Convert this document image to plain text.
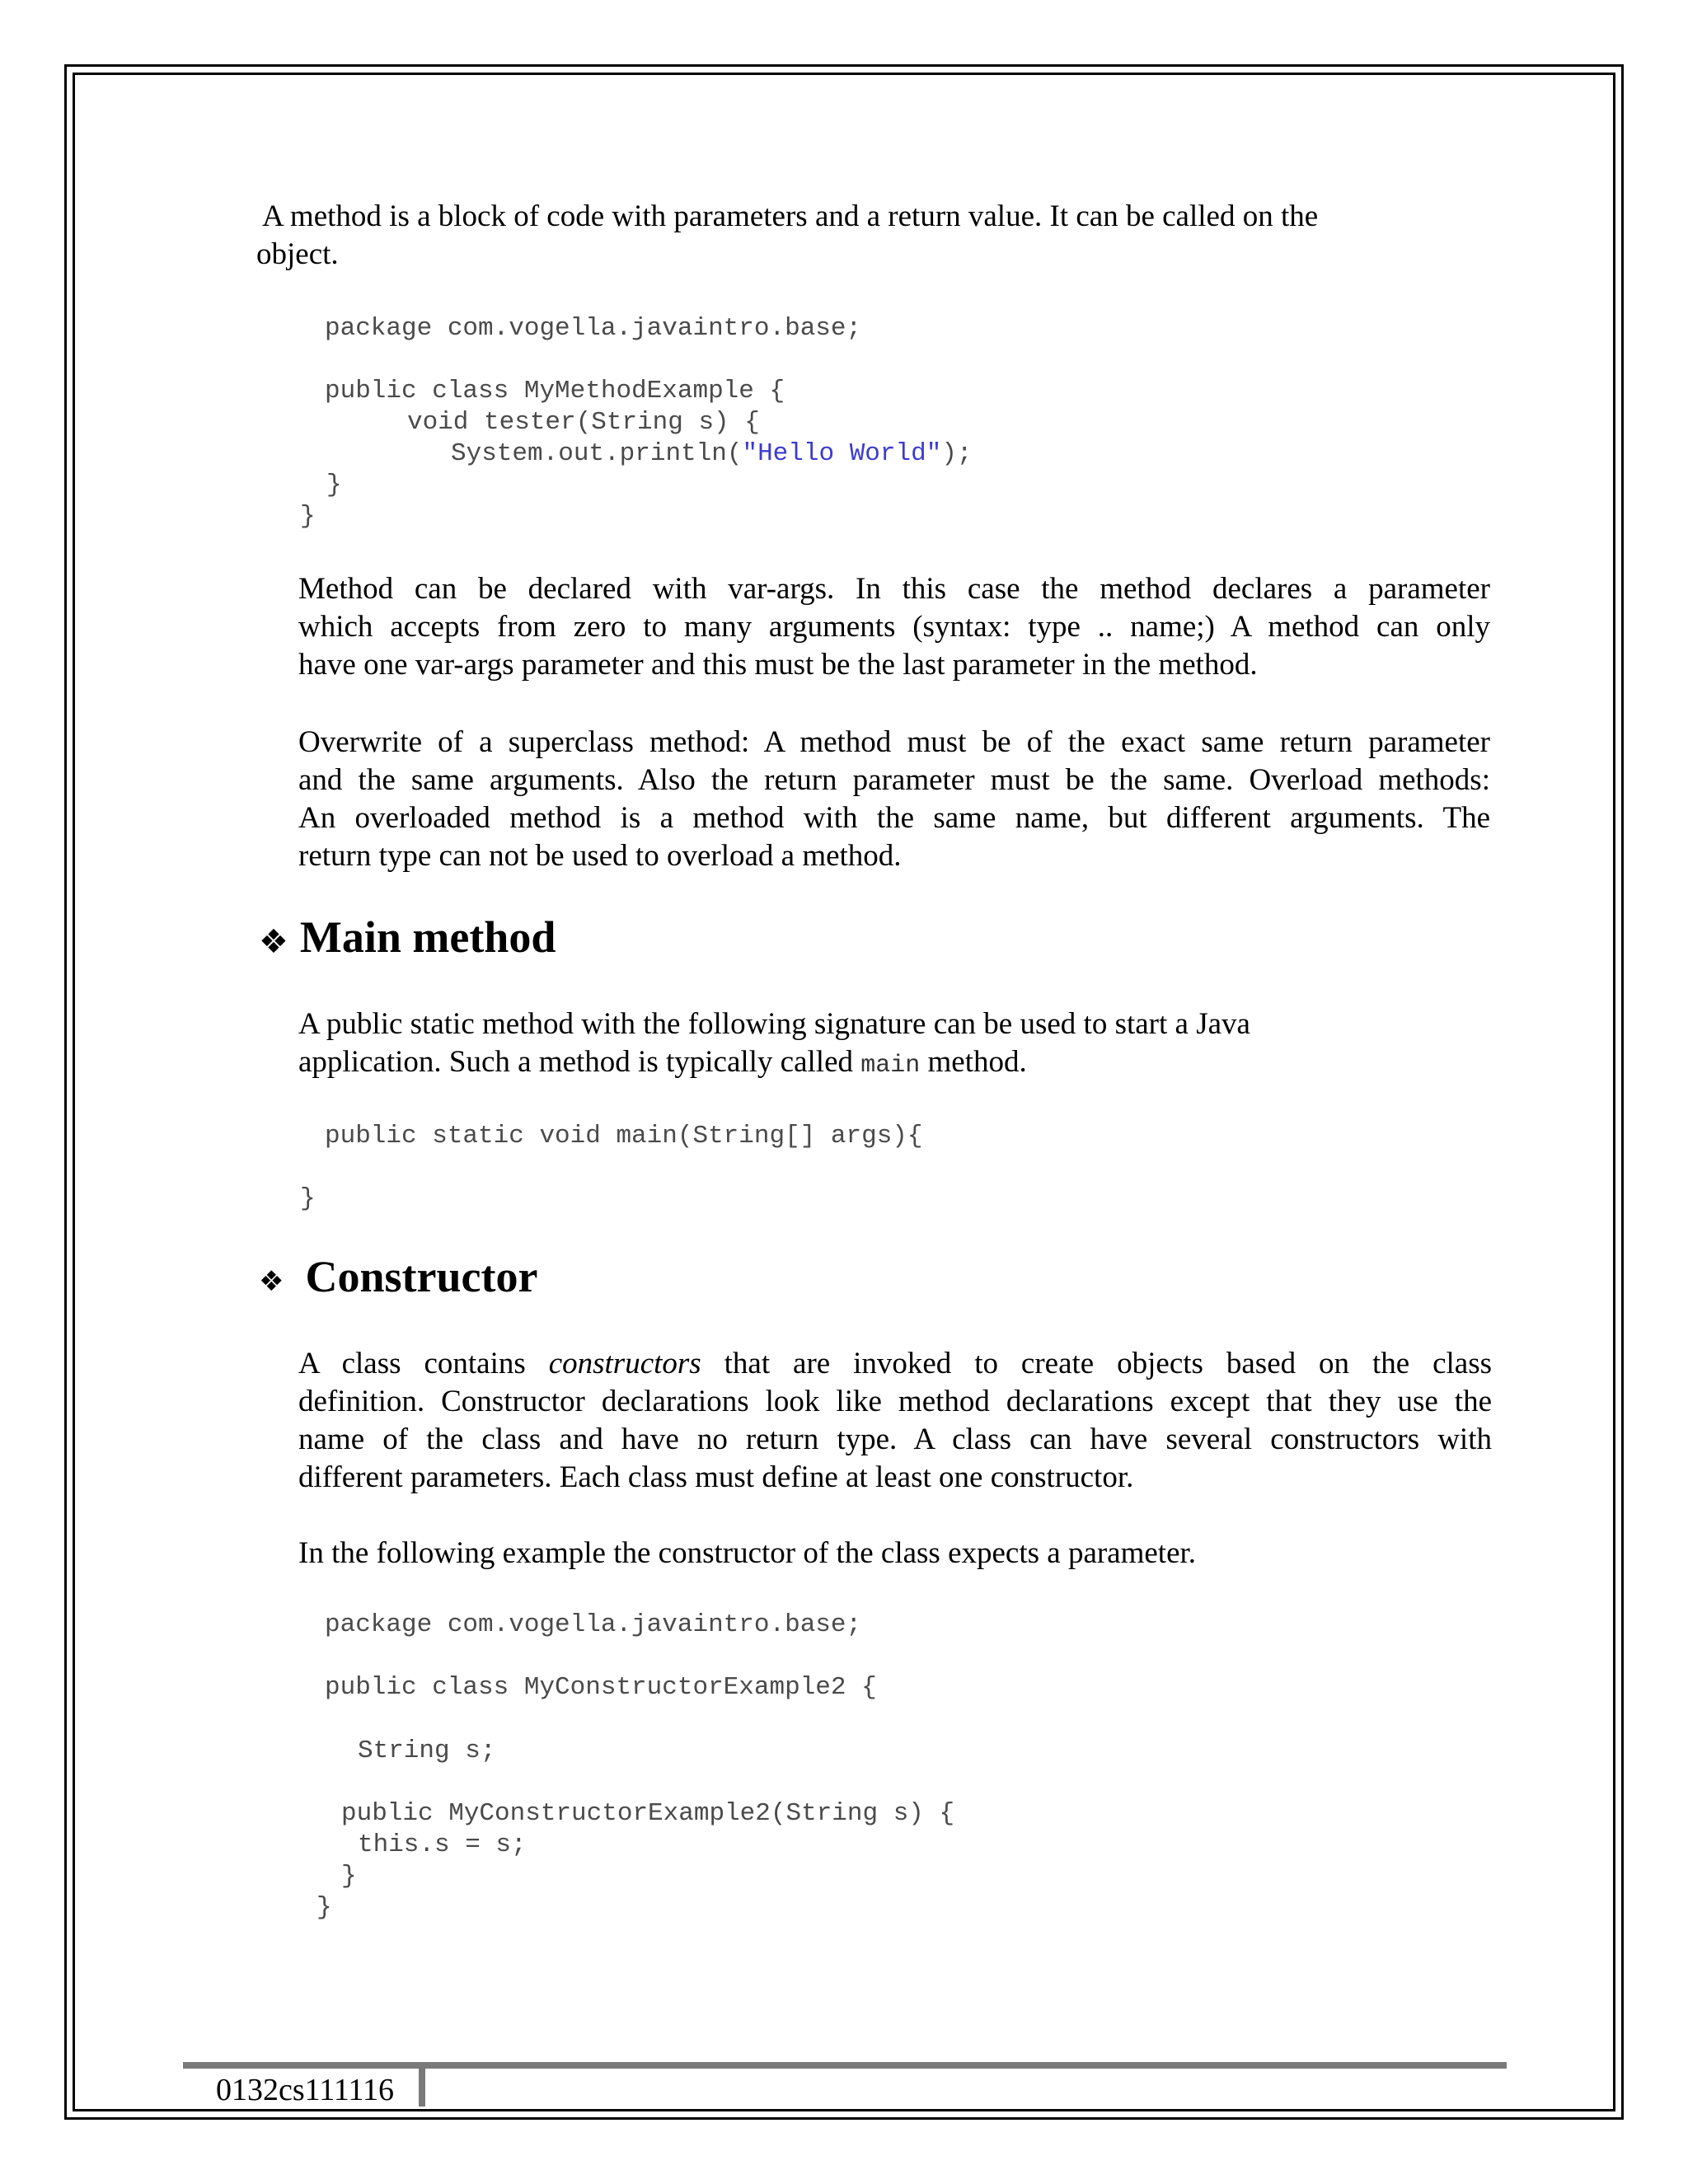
A method is a block of code with parameters and a return value. It can be called on the
object.
package com.vogella.javaintro.base;
public class MyMethodExample {
void tester(String s) {
System.out.println("Hello World");
}
}
Method can be declared with var-args. In this case the method declares a parameter
which accepts from zero to many arguments (syntax: type .. name;) A method can only
have one var-args parameter and this must be the last parameter in the method.
Overwrite of a superclass method: A method must be of the exact same return parameter
and the same arguments. Also the return parameter must be the same. Overload methods:
An overloaded method is a method with the same name, but different arguments. The
return type can not be used to overload a method.
❖ Main method
A public static method with the following signature can be used to start a Java
application. Such a method is typically called main method.
public static void main(String[] args){
}
❖ Constructor
A class contains constructors that are invoked to create objects based on the class
definition. Constructor declarations look like method declarations except that they use the
name of the class and have no return type. A class can have several constructors with
different parameters. Each class must define at least one constructor.
In the following example the constructor of the class expects a parameter.
package com.vogella.javaintro.base;
public class MyConstructorExample2 {
String s;
public MyConstructorExample2(String s) {
this.s = s;
}
}
0132cs111116
